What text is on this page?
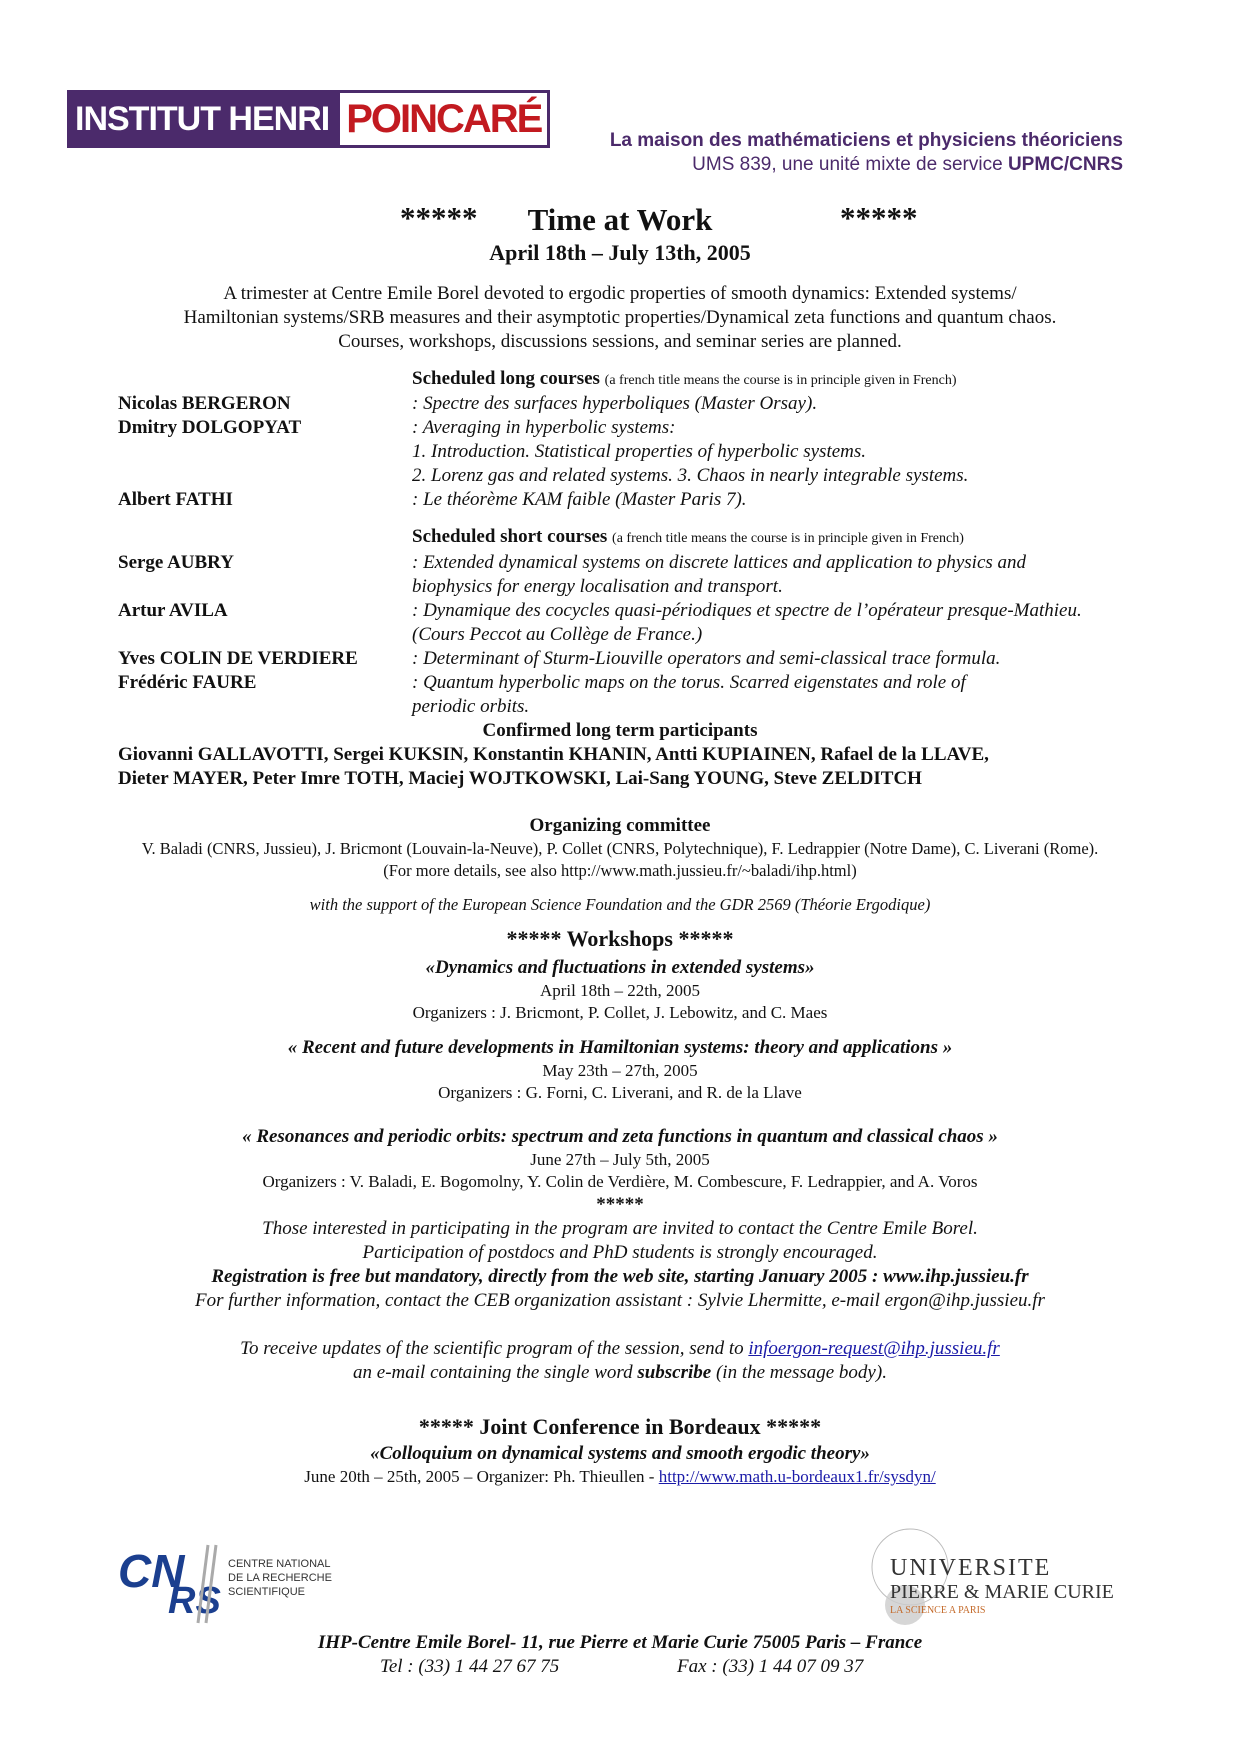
INSTITUT HENRI POINCARÉ	La maison des mathématiciens et physiciens théoriciens
UMS 839, une unité mixte de service UPMC/CNRS
*****	Time at Work	*****
April 18th – July 13th, 2005
A trimester at Centre Emile Borel devoted to ergodic properties of smooth dynamics: Extended systems/
Hamiltonian systems/SRB measures and their asymptotic properties/Dynamical zeta functions and quantum chaos.
Courses, workshops, discussions sessions, and seminar series are planned.
Scheduled long courses (a french title means the course is in principle given in French)
Nicolas BERGERON	: Spectre des surfaces hyperboliques (Master Orsay).
Dmitry DOLGOPYAT	: Averaging in hyperbolic systems:
1. Introduction. Statistical properties of hyperbolic systems.
2. Lorenz gas and related systems. 3. Chaos in nearly integrable systems.
Albert FATHI	: Le théorème KAM faible (Master Paris 7).
Scheduled short courses (a french title means the course is in principle given in French)
Serge AUBRY	: Extended dynamical systems on discrete lattices and application to physics and
biophysics for energy localisation and transport.
Artur AVILA	: Dynamique des cocycles quasi-périodiques et spectre de l’opérateur presque-Mathieu.
(Cours Peccot au Collège de France.)
Yves COLIN DE VERDIERE	: Determinant of Sturm-Liouville operators and semi-classical trace formula.
Frédéric FAURE	: Quantum hyperbolic maps on the torus. Scarred eigenstates and role of
periodic orbits.
Confirmed long term participants
Giovanni GALLAVOTTI, Sergei KUKSIN, Konstantin KHANIN, Antti KUPIAINEN, Rafael de la LLAVE,
Dieter MAYER, Peter Imre TOTH, Maciej WOJTKOWSKI, Lai-Sang YOUNG, Steve ZELDITCH
Organizing committee
V. Baladi (CNRS, Jussieu), J. Bricmont (Louvain-la-Neuve), P. Collet (CNRS, Polytechnique), F. Ledrappier (Notre Dame), C. Liverani (Rome).
(For more details, see also http://www.math.jussieu.fr/~baladi/ihp.html)
with the support of the European Science Foundation and the GDR 2569 (Théorie Ergodique)
***** Workshops *****
«Dynamics and fluctuations in extended systems»
April 18th – 22th, 2005
Organizers : J. Bricmont, P. Collet, J. Lebowitz, and C. Maes
« Recent and future developments in Hamiltonian systems: theory and applications »
May 23th – 27th, 2005
Organizers : G. Forni, C. Liverani, and R. de la Llave
« Resonances and periodic orbits: spectrum and zeta functions in quantum and classical chaos »
June 27th – July 5th, 2005
Organizers : V. Baladi, E. Bogomolny, Y. Colin de Verdière, M. Combescure, F. Ledrappier, and A. Voros
*****
Those interested in participating in the program are invited to contact the Centre Emile Borel.
Participation of postdocs and PhD students is strongly encouraged.
Registration is free but mandatory, directly from the web site, starting January 2005 : www.ihp.jussieu.fr
For further information, contact the CEB organization assistant : Sylvie Lhermitte, e-mail ergon@ihp.jussieu.fr
To receive updates of the scientific program of the session, send to infoergon-request@ihp.jussieu.fr
an e-mail containing the single word subscribe (in the message body).
***** Joint Conference in Bordeaux *****
«Colloquium on dynamical systems and smooth ergodic theory»
June 20th – 25th, 2005 – Organizer: Ph. Thieullen - http://www.math.u-bordeaux1.fr/sysdyn/
CN
RS
CENTRE NATIONAL
DE LA RECHERCHE
SCIENTIFIQUE
UNIVERSITE
PIERRE & MARIE CURIE
LA SCIENCE A PARIS
IHP-Centre Emile Borel- 11, rue Pierre et Marie Curie 75005 Paris – France
Tel : (33) 1 44 27 67 75	Fax : (33) 1 44 07 09 37
